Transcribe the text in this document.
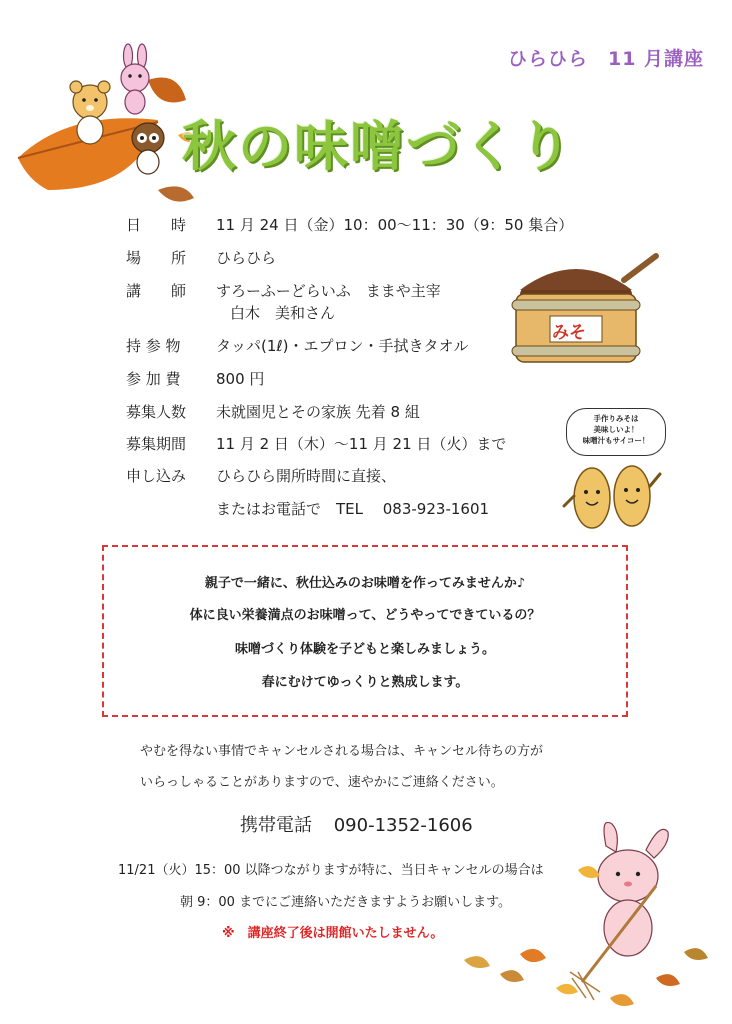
ひらひら　11 月講座
秋の味噌づくり
日　　時 11 月 24 日（金）10：00～11：30（9：50 集合）
場　　所 ひらひら
講　　師 すろーふーどらいふ　ままや主宰
白木　美和さん
持 参 物 タッパ(1ℓ)・エプロン・手拭きタオル
参 加 費 800 円
募集人数 未就園児とその家族 先着 8 組
募集期間 11 月 2 日（木）～11 月 21 日（火）まで
申し込み ひらひら開所時間に直接、
またはお電話で　TEL　 083-923-1601
みそ
手作りみそは
美味しいよ！
味噌汁もサイコー！
親子で一緒に、秋仕込みのお味噌を作ってみませんか♪
体に良い栄養満点のお味噌って、どうやってできているの？
味噌づくり体験を子どもと楽しみましょう。
春にむけてゆっくりと熟成します。
やむを得ない事情でキャンセルされる場合は、キャンセル待ちの方が
いらっしゃることがありますので、速やかにご連絡ください。
携帯電話 090-1352-1606
11/21（火）15：00 以降つながりますが特に、当日キャンセルの場合は
朝 9：00 までにご連絡いただきますようお願いします。
※　講座終了後は開館いたしません。
